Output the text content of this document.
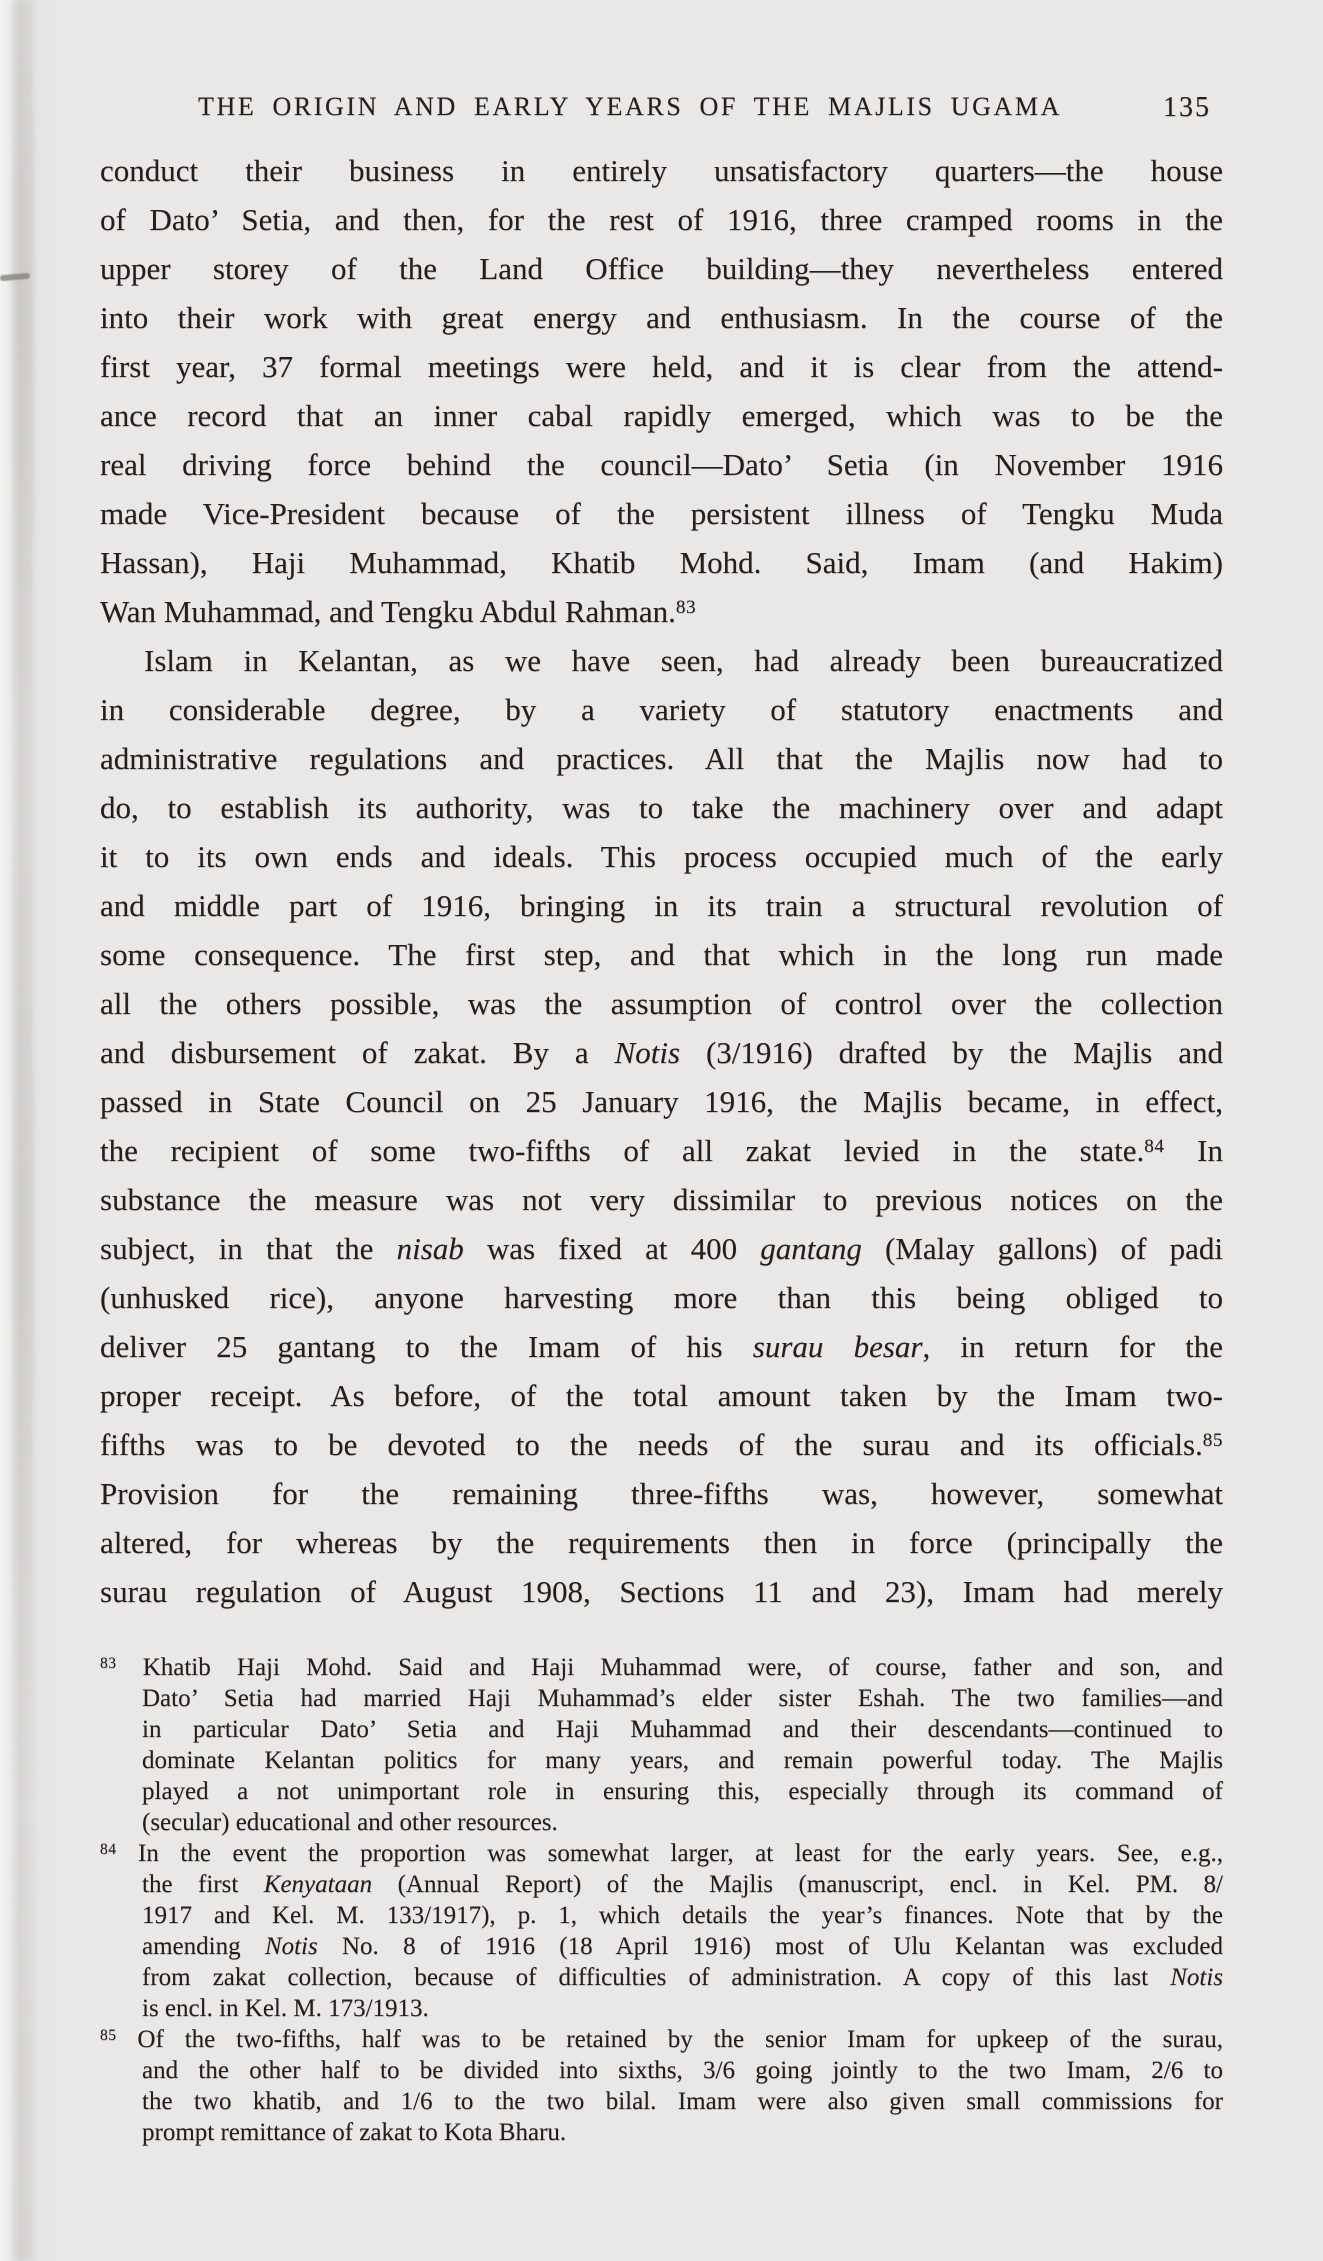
THE ORIGIN AND EARLY YEARS OF THE MAJLIS UGAMA	135
conduct their business in entirely unsatisfactory quarters—the house
of Dato’ Setia, and then, for the rest of 1916, three cramped rooms in the
upper storey of the Land Office building—they nevertheless entered
into their work with great energy and enthusiasm. In the course of the
first year, 37 formal meetings were held, and it is clear from the attend-
ance record that an inner cabal rapidly emerged, which was to be the
real driving force behind the council—Dato’ Setia (in November 1916
made Vice-President because of the persistent illness of Tengku Muda
Hassan), Haji Muhammad, Khatib Mohd. Said, Imam (and Hakim)
Wan Muhammad, and Tengku Abdul Rahman.$^{83}$
Islam in Kelantan, as we have seen, had already been bureaucratized
in considerable degree, by a variety of statutory enactments and
administrative regulations and practices. All that the Majlis now had to
do, to establish its authority, was to take the machinery over and adapt
it to its own ends and ideals. This process occupied much of the early
and middle part of 1916, bringing in its train a structural revolution of
some consequence. The first step, and that which in the long run made
all the others possible, was the assumption of control over the collection
and disbursement of zakat. By a Notis (3/1916) drafted by the Majlis and
passed in State Council on 25 January 1916, the Majlis became, in effect,
the recipient of some two-fifths of all zakat levied in the state.$^{84}$ In
substance the measure was not very dissimilar to previous notices on the
subject, in that the nisab was fixed at 400 gantang (Malay gallons) of padi
(unhusked rice), anyone harvesting more than this being obliged to
deliver 25 gantang to the Imam of his surau besar, in return for the
proper receipt. As before, of the total amount taken by the Imam two-
fifths was to be devoted to the needs of the surau and its officials.$^{85}$
Provision for the remaining three-fifths was, however, somewhat
altered, for whereas by the requirements then in force (principally the
surau regulation of August 1908, Sections 11 and 23), Imam had merely
$^{83}$ Khatib Haji Mohd. Said and Haji Muhammad were, of course, father and son, and
Dato’ Setia had married Haji Muhammad’s elder sister Eshah. The two families—and
in particular Dato’ Setia and Haji Muhammad and their descendants—continued to
dominate Kelantan politics for many years, and remain powerful today. The Majlis
played a not unimportant role in ensuring this, especially through its command of
(secular) educational and other resources.
$^{84}$ In the event the proportion was somewhat larger, at least for the early years. See, e.g.,
the first Kenyataan (Annual Report) of the Majlis (manuscript, encl. in Kel. PM. 8/
1917 and Kel. M. 133/1917), p. 1, which details the year’s finances. Note that by the
amending Notis No. 8 of 1916 (18 April 1916) most of Ulu Kelantan was excluded
from zakat collection, because of difficulties of administration. A copy of this last Notis
is encl. in Kel. M. 173/1913.
$^{85}$ Of the two-fifths, half was to be retained by the senior Imam for upkeep of the surau,
and the other half to be divided into sixths, 3/6 going jointly to the two Imam, 2/6 to
the two khatib, and 1/6 to the two bilal. Imam were also given small commissions for
prompt remittance of zakat to Kota Bharu.
